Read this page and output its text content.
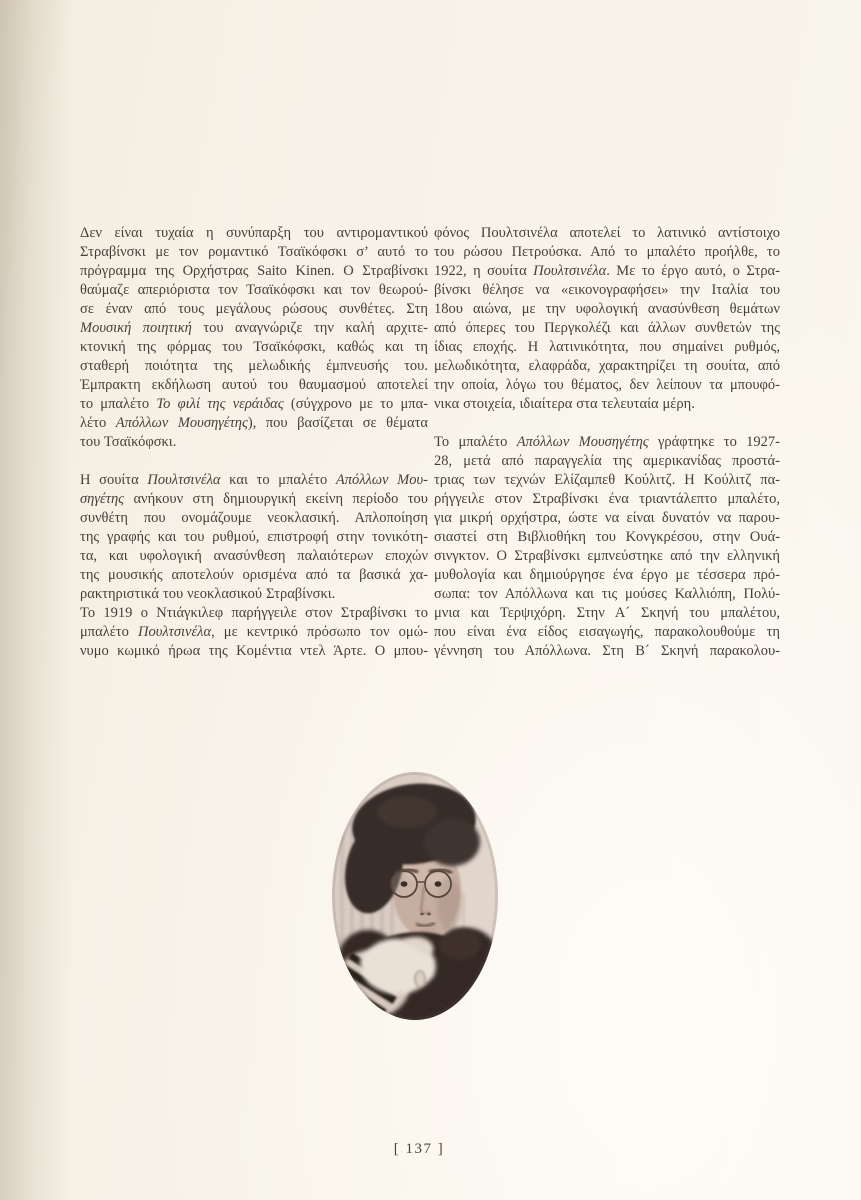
Δεν είναι τυχαία η συνύπαρξη του αντιρομαντικού
Στραβίνσκι με τον ρομαντικό Τσαϊκόφσκι σ’ αυτό το
πρόγραμμα της Ορχήστρας Saito Kinen. Ο Στραβίνσκι
θαύμαζε απεριόριστα τον Τσαϊκόφσκι και τον θεωρού-
σε έναν από τους μεγάλους ρώσους συνθέτες. Στη
Μουσική ποιητική του αναγνώριζε την καλή αρχιτε-
κτονική της φόρμας του Τσαϊκόφσκι, καθώς και τη
σταθερή ποιότητα της μελωδικής έμπνευσής του.
Έμπρακτη εκδήλωση αυτού του θαυμασμού αποτελεί
το μπαλέτο Το φιλί της νεράιδας (σύγχρονο με το μπα-
λέτο Απόλλων Μουσηγέτης), που βασίζεται σε θέματα
του Τσαϊκόφσκι.
Η σουίτα Πουλτσινέλα και το μπαλέτο Απόλλων Μου-
σηγέτης ανήκουν στη δημιουργική εκείνη περίοδο του
συνθέτη που ονομάζουμε νεοκλασική. Απλοποίηση
της γραφής και του ρυθμού, επιστροφή στην τονικότη-
τα, και υφολογική ανασύνθεση παλαιότερων εποχών
της μουσικής αποτελούν ορισμένα από τα βασικά χα-
ρακτηριστικά του νεοκλασικού Στραβίνσκι.
Το 1919 ο Ντιάγκιλεφ παρήγγειλε στον Στραβίνσκι το
μπαλέτο Πουλτσινέλα, με κεντρικό πρόσωπο τον ομώ-
νυμο κωμικό ήρωα της Κομέντια ντελ Άρτε. Ο μπου-
φόνος Πουλτσινέλα αποτελεί το λατινικό αντίστοιχο
του ρώσου Πετρούσκα. Από το μπαλέτο προήλθε, το
1922, η σουίτα Πουλτσινέλα. Με το έργο αυτό, ο Στρα-
βίνσκι θέλησε να «εικονογραφήσει» την Ιταλία του
18ου αιώνα, με την υφολογική ανασύνθεση θεμάτων
από όπερες του Περγκολέζι και άλλων συνθετών της
ίδιας εποχής. Η λατινικότητα, που σημαίνει ρυθμός,
μελωδικότητα, ελαφράδα, χαρακτηρίζει τη σουίτα, από
την οποία, λόγω του θέματος, δεν λείπουν τα μπουφό-
νικα στοιχεία, ιδιαίτερα στα τελευταία μέρη.
Το μπαλέτο Απόλλων Μουσηγέτης γράφτηκε το 1927-
28, μετά από παραγγελία της αμερικανίδας προστά-
τριας των τεχνών Ελίζαμπεθ Κούλιτζ. Η Κούλιτζ πα-
ρήγγειλε στον Στραβίνσκι ένα τριαντάλεπτο μπαλέτο,
για μικρή ορχήστρα, ώστε να είναι δυνατόν να παρου-
σιαστεί στη Βιβλιοθήκη του Κονγκρέσου, στην Ουά-
σινγκτον. Ο Στραβίνσκι εμπνεύστηκε από την ελληνική
μυθολογία και δημιούργησε ένα έργο με τέσσερα πρό-
σωπα: τον Απόλλωνα και τις μούσες Καλλιόπη, Πολύ-
μνια και Τερψιχόρη. Στην Α´ Σκηνή του μπαλέτου,
που είναι ένα είδος εισαγωγής, παρακολουθούμε τη
γέννηση του Απόλλωνα. Στη Β´ Σκηνή παρακολου-
[ 137 ]
